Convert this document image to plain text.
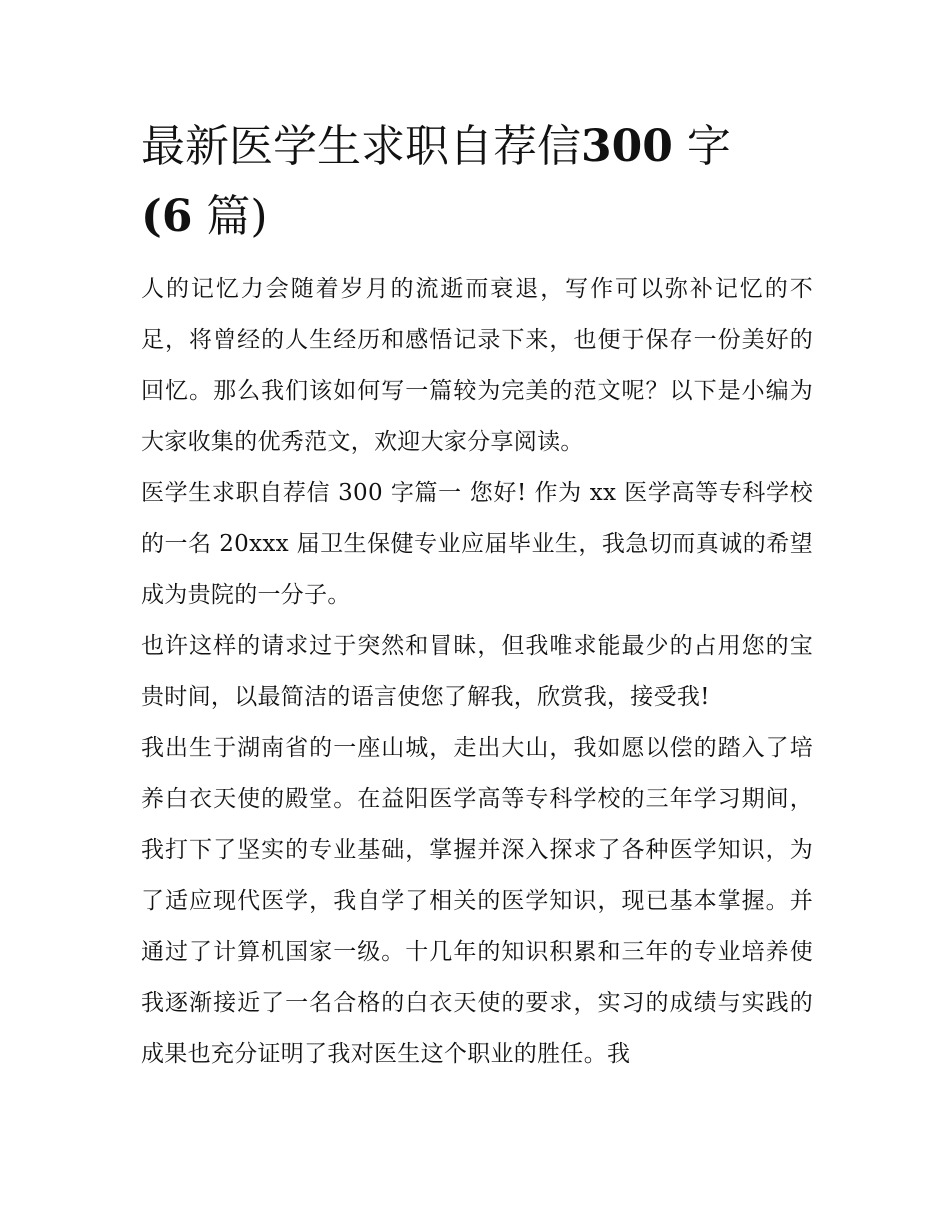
最新医学生求职自荐信300 字
(6 篇)

人的记忆力会随着岁月的流逝而衰退，写作可以弥补记忆的不足，将曾经的人生经历和感悟记录下来，也便于保存一份美好的回忆。那么我们该如何写一篇较为完美的范文呢？以下是小编为大家收集的优秀范文，欢迎大家分享阅读。

医学生求职自荐信 300 字篇一 您好! 作为 xx 医学高等专科学校的一名 20xxx 届卫生保健专业应届毕业生，我急切而真诚的希望成为贵院的一分子。

也许这样的请求过于突然和冒昧，但我唯求能最少的占用您的宝贵时间，以最简洁的语言使您了解我，欣赏我，接受我!

我出生于湖南省的一座山城，走出大山，我如愿以偿的踏入了培养白衣天使的殿堂。在益阳医学高等专科学校的三年学习期间，我打下了坚实的专业基础，掌握并深入探求了各种医学知识，为了适应现代医学，我自学了相关的医学知识，现已基本掌握。并通过了计算机国家一级。十几年的知识积累和三年的专业培养使我逐渐接近了一名合格的白衣天使的要求，实习的成绩与实践的成果也充分证明了我对医生这个职业的胜任。我
